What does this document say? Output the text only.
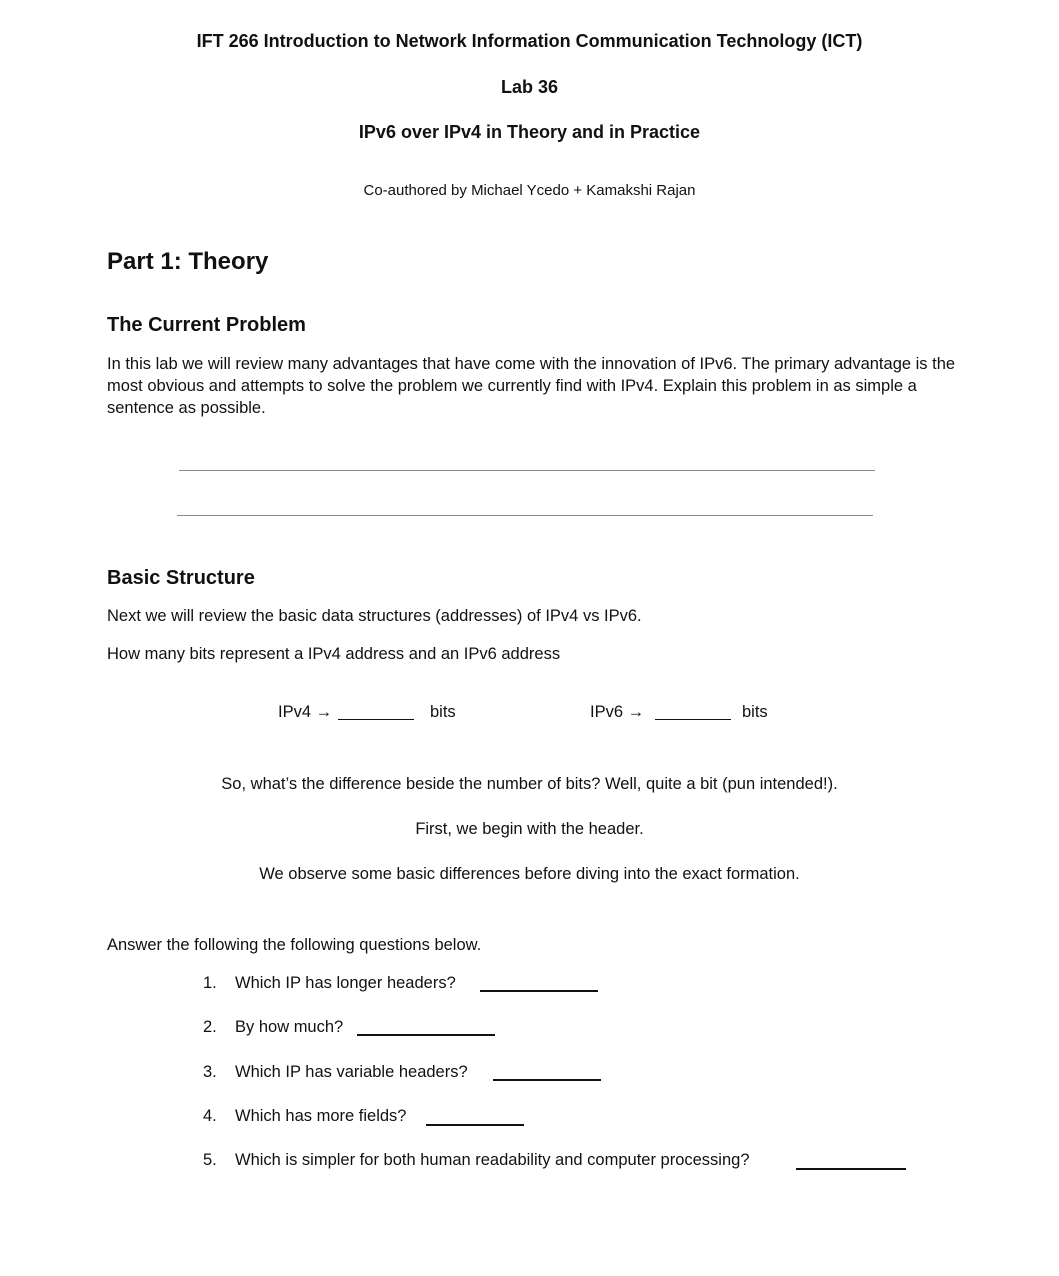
IFT 266 Introduction to Network Information Communication Technology (ICT)
Lab 36
IPv6 over IPv4 in Theory and in Practice
Co-authored by Michael Ycedo + Kamakshi Rajan
Part 1: Theory
The Current Problem
In this lab we will review many advantages that have come with the innovation of IPv6. The primary advantage is the most obvious and attempts to solve the problem we currently find with IPv4. Explain this problem in as simple a sentence as possible.
Basic Structure
Next we will review the basic data structures (addresses) of IPv4 vs IPv6.
How many bits represent a IPv4 address and an IPv6 address
IPv4 →	bits	IPv6 →	bits
So, what’s the difference beside the number of bits? Well, quite a bit (pun intended!).
First, we begin with the header.
We observe some basic differences before diving into the exact formation.
Answer the following the following questions below.
1. Which IP has longer headers?
2. By how much?
3. Which IP has variable headers?
4. Which has more fields?
5. Which is simpler for both human readability and computer processing?
